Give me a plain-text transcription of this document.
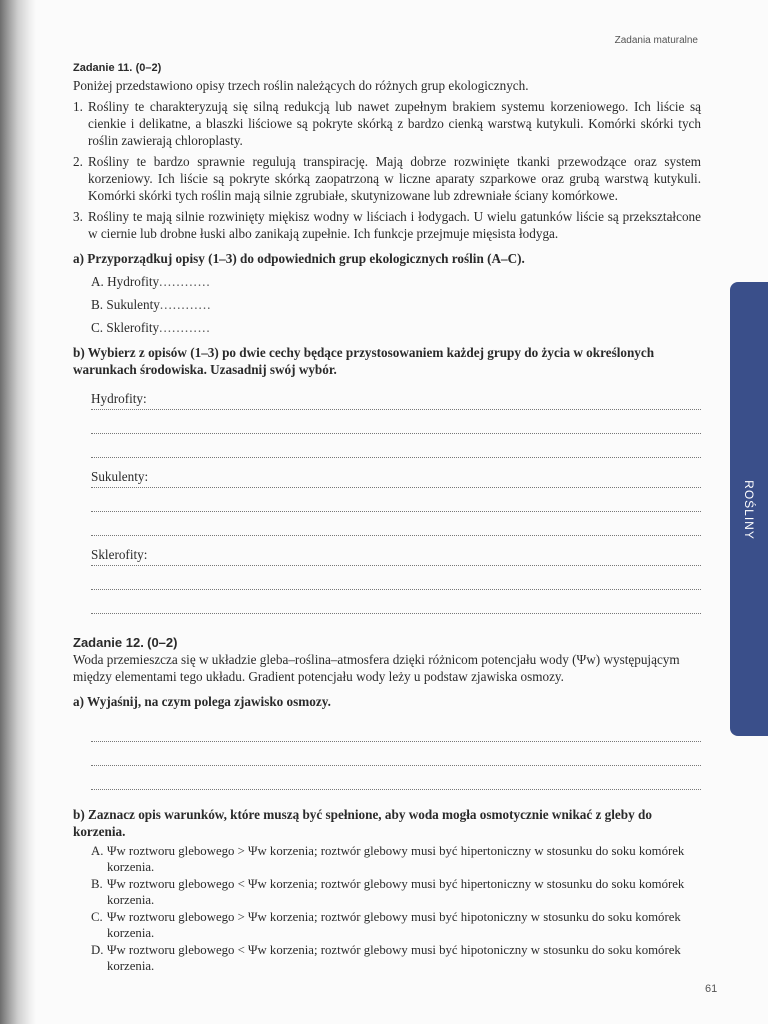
Zadania maturalne
ROŚLINY
Zadanie 11. (0–2)

Poniżej przedstawiono opisy trzech roślin należących do różnych grup ekologicznych.

1. Rośliny te charakteryzują się silną redukcją lub nawet zupełnym brakiem systemu korzeniowego. Ich liście są cienkie i delikatne, a blaszki liściowe są pokryte skórką z bardzo cienką warstwą kutykuli. Komórki skórki tych roślin zawierają chloroplasty.
2. Rośliny te bardzo sprawnie regulują transpirację. Mają dobrze rozwinięte tkanki przewodzące oraz system korzeniowy. Ich liście są pokryte skórką zaopatrzoną w liczne aparaty szparkowe oraz grubą warstwą kutykuli. Komórki skórki tych roślin mają silnie zgrubiałe, skutynizowane lub zdrewniałe ściany komórkowe.
3. Rośliny te mają silnie rozwinięty miękisz wodny w liściach i łodygach. U wielu gatunków liście są przekształcone w ciernie lub drobne łuski albo zanikają zupełnie. Ich funkcje przejmuje mięsista łodyga.

a) Przyporządkuj opisy (1–3) do odpowiednich grup ekologicznych roślin (A–C).

A. Hydrofity............
B. Sukulenty............
C. Sklerofity............

b) Wybierz z opisów (1–3) po dwie cechy będące przystosowaniem każdej grupy do życia w określonych warunkach środowiska. Uzasadnij swój wybór.

Hydrofity:
Sukulenty:
Sklerofity:
Zadanie 12. (0–2)

Woda przemieszcza się w układzie gleba–roślina–atmosfera dzięki różnicom potencjału wody (Ψw) występującym między elementami tego układu. Gradient potencjału wody leży u podstaw zjawiska osmozy.

a) Wyjaśnij, na czym polega zjawisko osmozy.

b) Zaznacz opis warunków, które muszą być spełnione, aby woda mogła osmotycznie wnikać z gleby do korzenia.

A. Ψw roztworu glebowego > Ψw korzenia; roztwór glebowy musi być hipertoniczny w stosunku do soku komórek korzenia.
B. Ψw roztworu glebowego < Ψw korzenia; roztwór glebowy musi być hipertoniczny w stosunku do soku komórek korzenia.
C. Ψw roztworu glebowego > Ψw korzenia; roztwór glebowy musi być hipotoniczny w stosunku do soku komórek korzenia.
D. Ψw roztworu glebowego < Ψw korzenia; roztwór glebowy musi być hipotoniczny w stosunku do soku komórek korzenia.
61
